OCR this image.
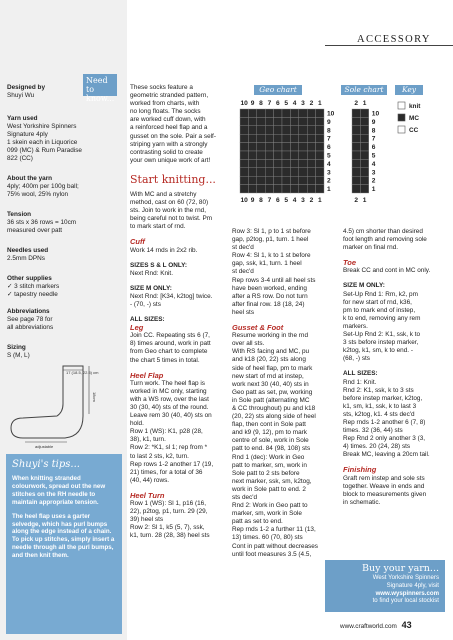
ACCESSORY
Need to know...
Designed by
Shuyi Wu
Yarn used
West Yorkshire Spinners
Signature 4ply
1 skein each in Liquorice
099 (MC) & Rum Paradise
822 (CC)
About the yarn
4ply; 400m per 100g ball;
75% wool, 25% nylon
Tension
36 sts x 36 rows = 10cm
measured over patt
Needles used
2.5mm DPNs
Other supplies
✓ 3 stitch markers
✓ tapestry needle
Abbreviations
See page 78 for
all abbreviations
Sizing
S (M, L)
17 (18.5, 22.5) cm
18cm
adjustable
Shuyi's tips...
When knitting stranded colourwork, spread out the new stitches on the RH needle to maintain appropriate tension.
The heel flap uses a garter selvedge, which has purl bumps along the edge instead of a chain. To pick up stitches, simply insert a needle through all the purl bumps, and then knit them.
These socks feature a
geometric stranded pattern,
worked from charts, with
no long floats. The socks
are worked cuff down, with
a reinforced heel flap and a
gusset on the sole. Pair a self-
striping yarn with a strongly
contrasting solid to create
your own unique work of art!
Start knitting...
With MC and a stretchy
method, cast on 60 (72, 80)
sts. Join to work in the rnd,
being careful not to twist. Pm
to mark start of rnd.
Cuff
Work 14 rnds in 2x2 rib.
SIZES S & L ONLY:
Next Rnd: Knit.
SIZE M ONLY:
Next Rnd: [K34, k2tog] twice.
- (70, -) sts
ALL SIZES:
Leg
Join CC. Repeating sts 6 (7,
8) times around, work in patt
from Geo chart to complete
the chart 5 times in total.
Heel Flap
Turn work. The heel flap is
worked in MC only, starting
with a WS row, over the last
30 (30, 40) sts of the round.
Leave rem 30 (40, 40) sts on
hold.
Row 1 (WS): K1, p28 (28,
38), k1, turn.
Row 2: *K1, sl 1; rep from *
to last 2 sts, k2, turn.
Rep rows 1-2 another 17 (19,
21) times, for a total of 36
(40, 44) rows.
Heel Turn
Row 1 (WS): Sl 1, p16 (16,
22), p2tog, p1, turn. 29 (29,
39) heel sts
Row 2: Sl 1, k5 (5, 7), ssk,
k1, turn. 28 (28, 38) heel sts
Geo chart	Sole chart	Key
10
10
9
9
8
8
7
7
6
6
5
5
4
4
3
3
2
2
1
1
10
9
8
7
6
5
4
3
2
1
2
2
1
1
10
9
8
7
6
5
4
3
2
1
knit
MC
CC
Row 3: Sl 1, p to 1 st before
gap, p2tog, p1, turn. 1 heel
st dec'd
Row 4: Sl 1, k to 1 st before
gap, ssk, k1, turn. 1 heel
st dec'd
Rep rows 3-4 until all heel sts
have been worked, ending
after a RS row. Do not turn
after final row. 18 (18, 24)
heel sts
Gusset & Foot
Resume working in the rnd
over all sts.
With RS facing and MC, pu
and k18 (20, 22) sts along
side of heel flap, pm to mark
new start of rnd at instep,
work next 30 (40, 40) sts in
Geo patt as set, pw, working
in Sole patt (alternating MC
& CC throughout) pu and k18
(20, 22) sts along side of heel
flap, then cont in Sole patt
and k9 (9, 12), pm to mark
centre of sole, work in Sole
patt to end. 84 (98, 108) sts
Rnd 1 (dec): Work in Geo
patt to marker, sm, work in
Sole patt to 2 sts before
next marker, ssk, sm, k2tog,
work in Sole patt to end. 2
sts dec'd
Rnd 2: Work in Geo patt to
marker, sm, work in Sole
patt as set to end.
Rep rnds 1-2 a further 11 (13,
13) times. 60 (70, 80) sts
Cont in patt without decreases
until foot measures 3.5 (4.5,
4.5) cm shorter than desired
foot length and removing sole
marker on final rnd.
Toe
Break CC and cont in MC only.
SIZE M ONLY:
Set-Up Rnd 1: Rm, k2, pm
for new start of rnd, k36,
pm to mark end of instep,
k to end, removing any rem
markers.
Set-Up Rnd 2: K1, ssk, k to
3 sts before instep marker,
k2tog, k1, sm, k to end. -
(68, -) sts
ALL SIZES:
Rnd 1: Knit.
Rnd 2: K1, ssk, k to 3 sts
before instep marker, k2tog,
k1, sm, k1, ssk, k to last 3
sts, k2tog, k1. 4 sts dec'd
Rep rnds 1-2 another 6 (7, 8)
times. 32 (36, 44) sts
Rep Rnd 2 only another 3 (3,
4) times. 20 (24, 28) sts
Break MC, leaving a 20cm tail.
Finishing
Graft rem instep and sole sts
together. Weave in ends and
block to measurements given
in schematic.
Buy your yarn...
West Yorkshire Spinners
Signature 4ply, visit
www.wyspinners.com
to find your local stockist
www.craftworld.com 43
